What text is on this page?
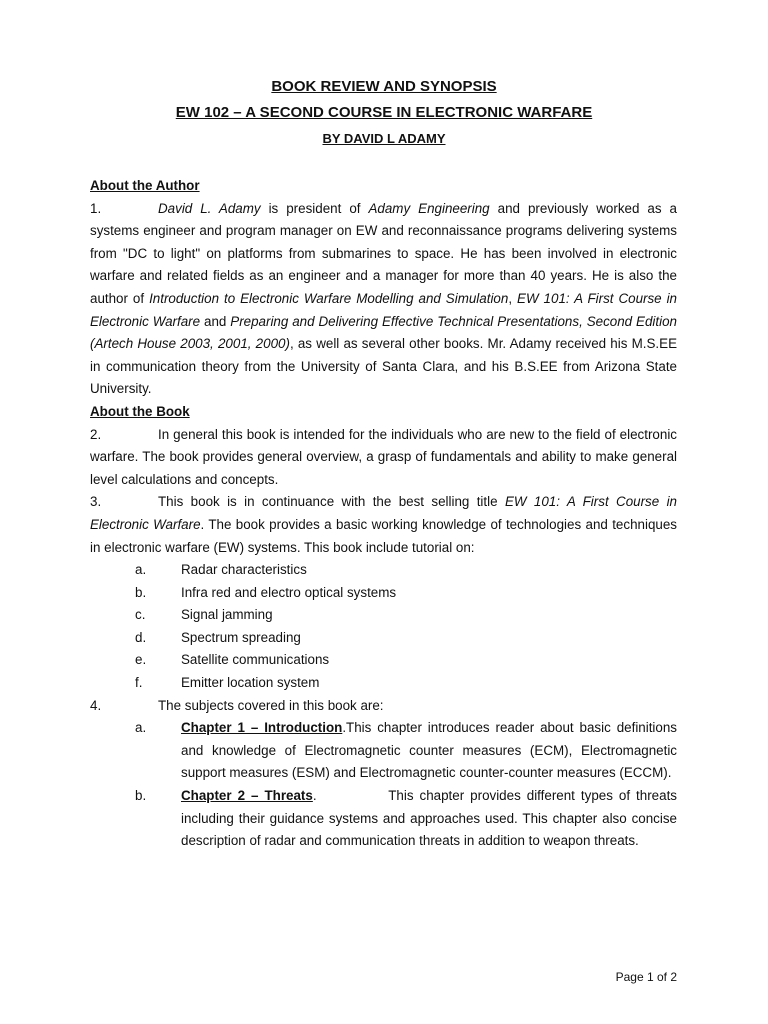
BOOK REVIEW AND SYNOPSIS
EW 102 – A SECOND COURSE IN ELECTRONIC WARFARE
BY DAVID L ADAMY
About the Author
1.	David L. Adamy is president of Adamy Engineering and previously worked as a systems engineer and program manager on EW and reconnaissance programs delivering systems from "DC to light" on platforms from submarines to space. He has been involved in electronic warfare and related fields as an engineer and a manager for more than 40 years. He is also the author of Introduction to Electronic Warfare Modelling and Simulation, EW 101: A First Course in Electronic Warfare and Preparing and Delivering Effective Technical Presentations, Second Edition (Artech House 2003, 2001, 2000), as well as several other books. Mr. Adamy received his M.S.EE in communication theory from the University of Santa Clara, and his B.S.EE from Arizona State University.
About the Book
2.	In general this book is intended for the individuals who are new to the field of electronic warfare. The book provides general overview, a grasp of fundamentals and ability to make general level calculations and concepts.
3.	This book is in continuance with the best selling title EW 101: A First Course in Electronic Warfare. The book provides a basic working knowledge of technologies and techniques in electronic warfare (EW) systems. This book include tutorial on:
a.	Radar characteristics
b.	Infra red and electro optical systems
c.	Signal jamming
d.	Spectrum spreading
e.	Satellite communications
f.	Emitter location system
4.	The subjects covered in this book are:
a.	Chapter 1 – Introduction.This chapter introduces reader about basic definitions and knowledge of Electromagnetic counter measures (ECM), Electromagnetic support measures (ESM) and Electromagnetic counter-counter measures (ECCM).
b.	Chapter 2 – Threats.            This chapter provides different types of threats including their guidance systems and approaches used. This chapter also concise description of radar and communication threats in addition to weapon threats.
Page 1 of 2
